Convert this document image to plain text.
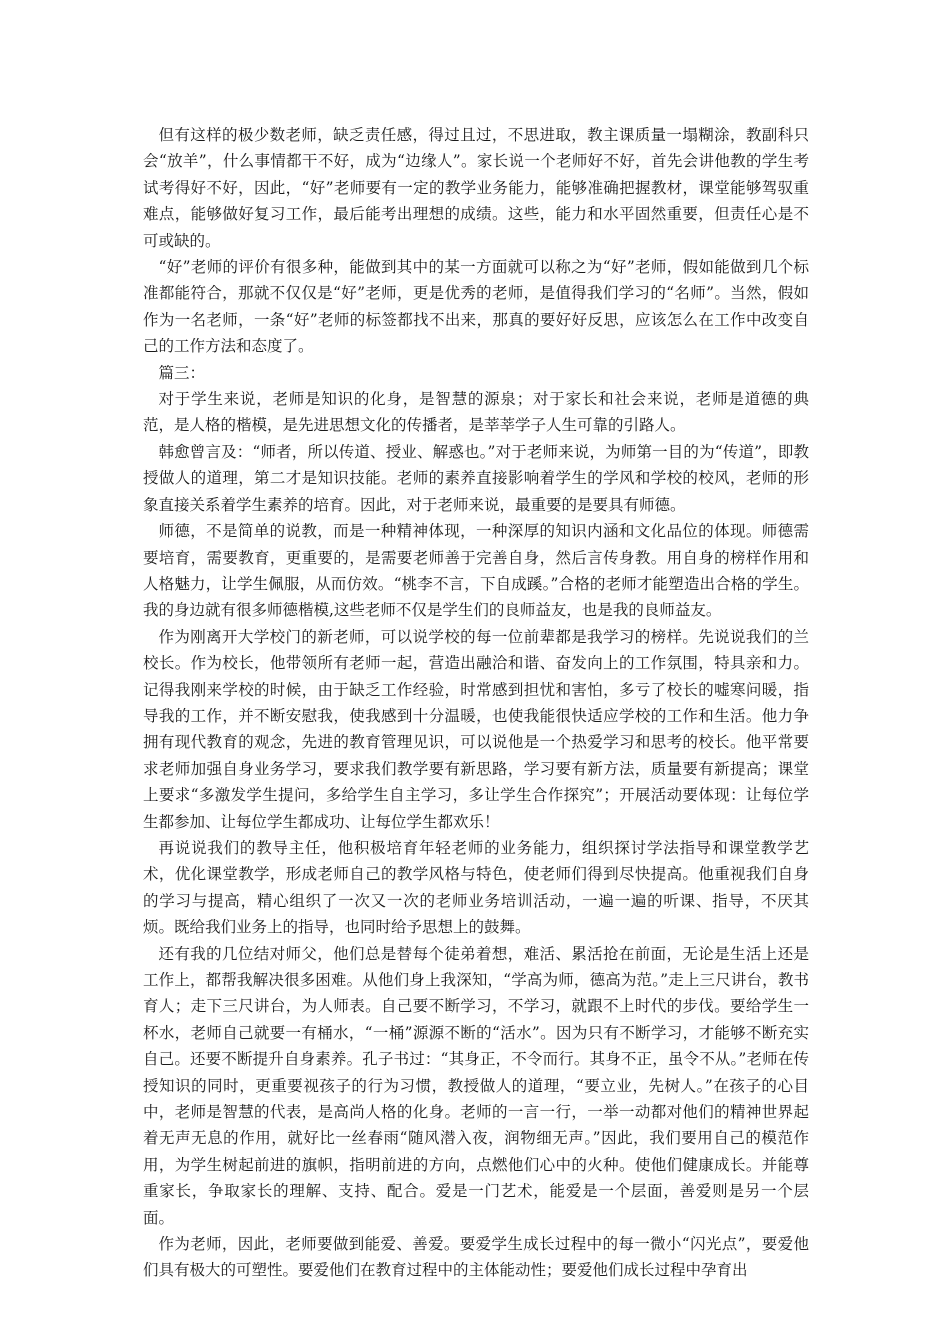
但有这样的极少数老师，缺乏责任感，得过且过，不思进取，教主课质量一塌糊涂，教副科只会“放羊”，什么事情都干不好，成为“边缘人”。家长说一个老师好不好，首先会讲他教的学生考试考得好不好，因此，“好”老师要有一定的教学业务能力，能够准确把握教材，课堂能够驾驭重难点，能够做好复习工作，最后能考出理想的成绩。这些，能力和水平固然重要，但责任心是不可或缺的。

“好”老师的评价有很多种，能做到其中的某一方面就可以称之为“好”老师，假如能做到几个标准都能符合，那就不仅仅是“好”老师，更是优秀的老师，是值得我们学习的“名师”。当然，假如作为一名老师，一条“好”老师的标签都找不出来，那真的要好好反思，应该怎么在工作中改变自己的工作方法和态度了。

篇三：

对于学生来说，老师是知识的化身，是智慧的源泉；对于家长和社会来说，老师是道德的典范，是人格的楷模，是先进思想文化的传播者，是莘莘学子人生可靠的引路人。

韩愈曾言及：“师者，所以传道、授业、解惑也。”对于老师来说，为师第一目的为“传道”，即教授做人的道理，第二才是知识技能。老师的素养直接影响着学生的学风和学校的校风，老师的形象直接关系着学生素养的培育。因此，对于老师来说，最重要的是要具有师德。

师德，不是简单的说教，而是一种精神体现，一种深厚的知识内涵和文化品位的体现。师德需要培育，需要教育，更重要的，是需要老师善于完善自身，然后言传身教。用自身的榜样作用和人格魅力，让学生佩服，从而仿效。“桃李不言，下自成蹊。”合格的老师才能塑造出合格的学生。我的身边就有很多师德楷模,这些老师不仅是学生们的良师益友，也是我的良师益友。

作为刚离开大学校门的新老师，可以说学校的每一位前辈都是我学习的榜样。先说说我们的兰校长。作为校长，他带领所有老师一起，营造出融洽和谐、奋发向上的工作氛围，特具亲和力。记得我刚来学校的时候，由于缺乏工作经验，时常感到担忧和害怕，多亏了校长的嘘寒问暖，指导我的工作，并不断安慰我，使我感到十分温暖，也使我能很快适应学校的工作和生活。他力争拥有现代教育的观念，先进的教育管理见识，可以说他是一个热爱学习和思考的校长。他平常要求老师加强自身业务学习，要求我们教学要有新思路，学习要有新方法，质量要有新提高；课堂上要求“多激发学生提问，多给学生自主学习，多让学生合作探究”；开展活动要体现：让每位学生都参加、让每位学生都成功、让每位学生都欢乐！

再说说我们的教导主任，他积极培育年轻老师的业务能力，组织探讨学法指导和课堂教学艺术，优化课堂教学，形成老师自己的教学风格与特色，使老师们得到尽快提高。他重视我们自身的学习与提高，精心组织了一次又一次的老师业务培训活动，一遍一遍的听课、指导，不厌其烦。既给我们业务上的指导，也同时给予思想上的鼓舞。

还有我的几位结对师父，他们总是替每个徒弟着想，难活、累活抢在前面，无论是生活上还是工作上，都帮我解决很多困难。从他们身上我深知，“学高为师，德高为范。”走上三尺讲台，教书育人；走下三尺讲台，为人师表。自己要不断学习，不学习，就跟不上时代的步伐。要给学生一杯水，老师自己就要一有桶水，“一桶”源源不断的“活水”。因为只有不断学习，才能够不断充实自己。还要不断提升自身素养。孔子书过：“其身正，不令而行。其身不正，虽令不从。”老师在传授知识的同时，更重要视孩子的行为习惯，教授做人的道理，“要立业，先树人。”在孩子的心目中，老师是智慧的代表，是高尚人格的化身。老师的一言一行，一举一动都对他们的精神世界起着无声无息的作用，就好比一丝春雨“随风潜入夜，润物细无声。”因此，我们要用自己的模范作用，为学生树起前进的旗帜，指明前进的方向，点燃他们心中的火种。使他们健康成长。并能尊重家长，争取家长的理解、支持、配合。爱是一门艺术，能爱是一个层面，善爱则是另一个层面。

作为老师，因此，老师要做到能爱、善爱。要爱学生成长过程中的每一微小“闪光点”，要爱他们具有极大的可塑性。要爱他们在教育过程中的主体能动性；要爱他们成长过程中孕育出
